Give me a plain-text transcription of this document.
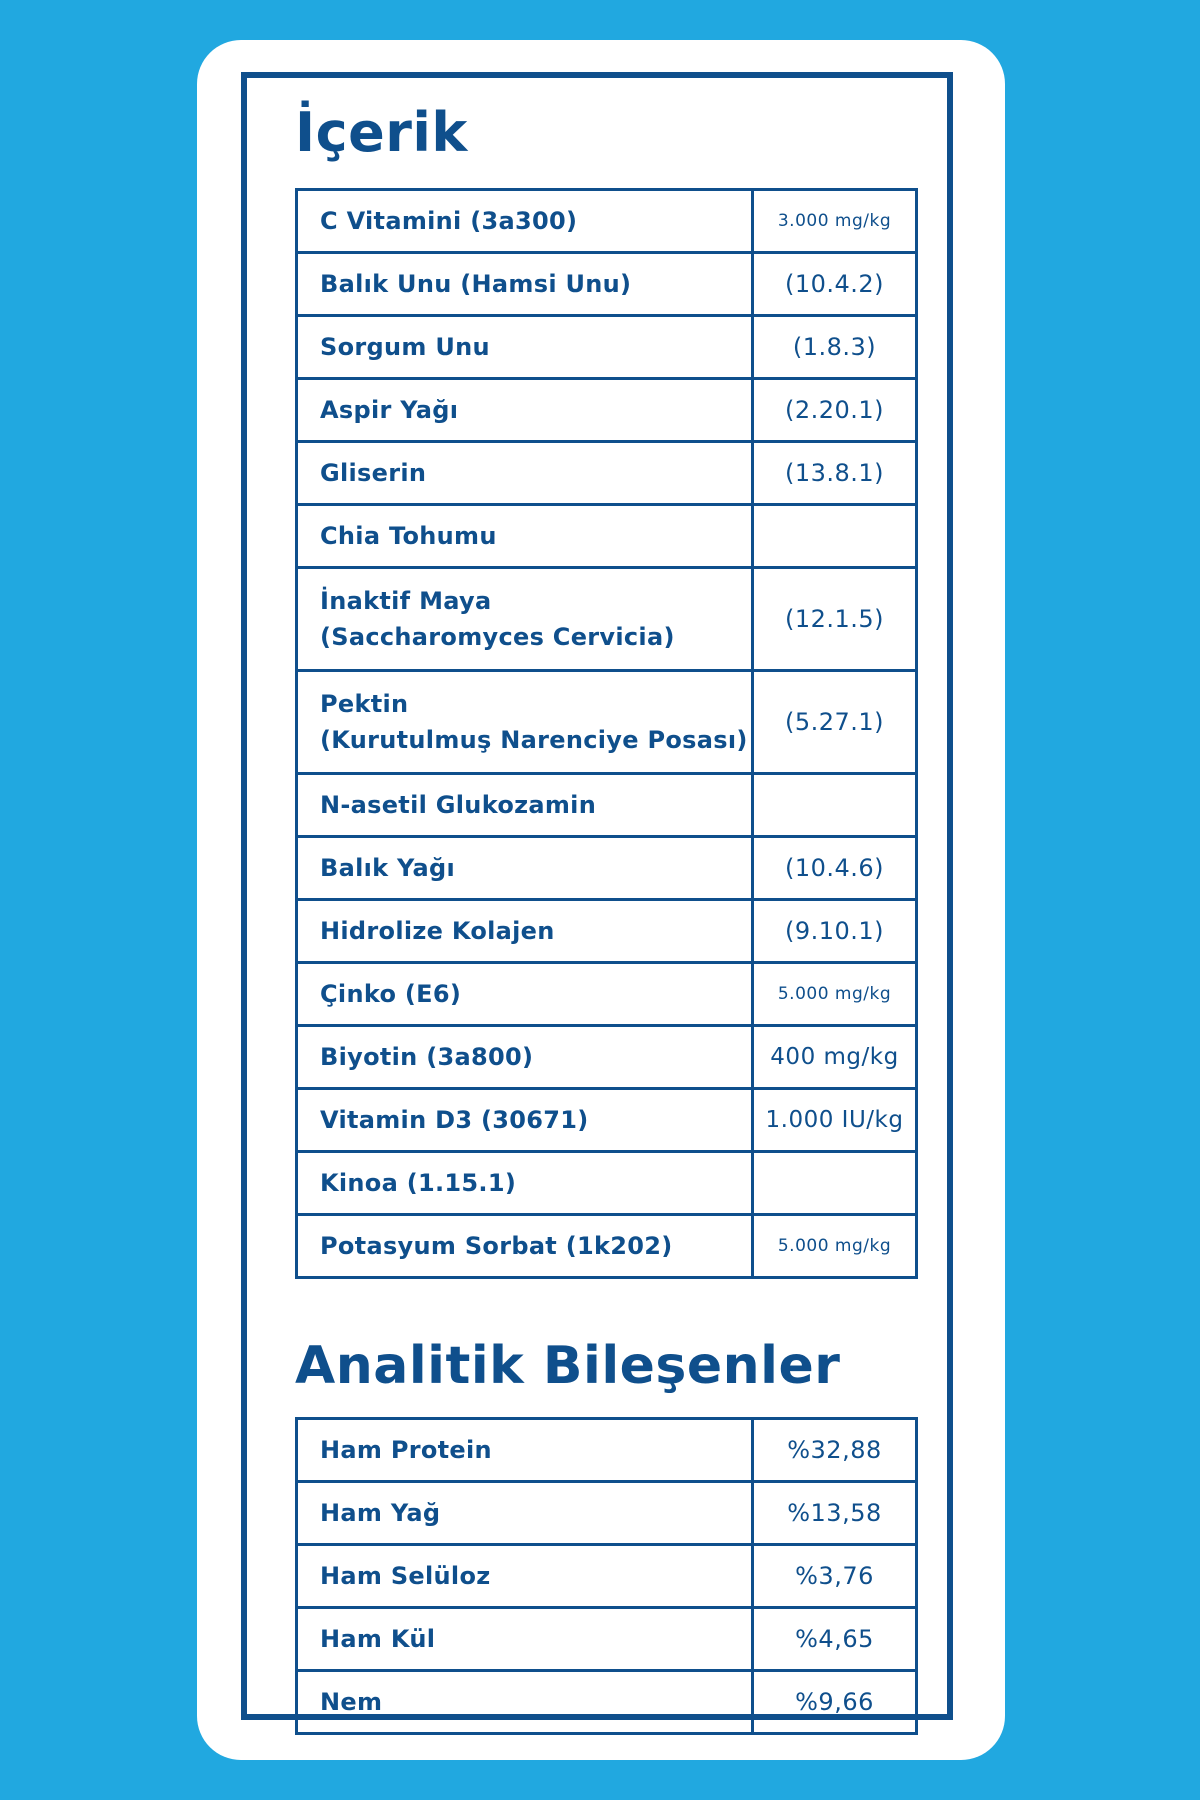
İçerik
C Vitamini (3a300)	3.000 mg/kg

Balık Unu (Hamsi Unu)	(10.4.2)

Sorgum Unu	(1.8.3)

Aspir Yağı	(2.20.1)

Gliserin	(13.8.1)

Chia Tohumu	

İnaktif Maya
(Saccharomyces Cervicia)	(12.1.5)

Pektin
(Kurutulmuş Narenciye Posası)	(5.27.1)

N-asetil Glukozamin	

Balık Yağı	(10.4.6)

Hidrolize Kolajen	(9.10.1)

Çinko (E6)	5.000 mg/kg

Biyotin (3a800)	400 mg/kg

Vitamin D3 (30671)	1.000 IU/kg

Kinoa (1.15.1)	

Potasyum Sorbat (1k202)	5.000 mg/kg
Analitik Bileşenler
Ham Protein	%32,88
Ham Yağ	%13,58
Ham Selüloz	%3,76
Ham Kül	%4,65
Nem	%9,66
